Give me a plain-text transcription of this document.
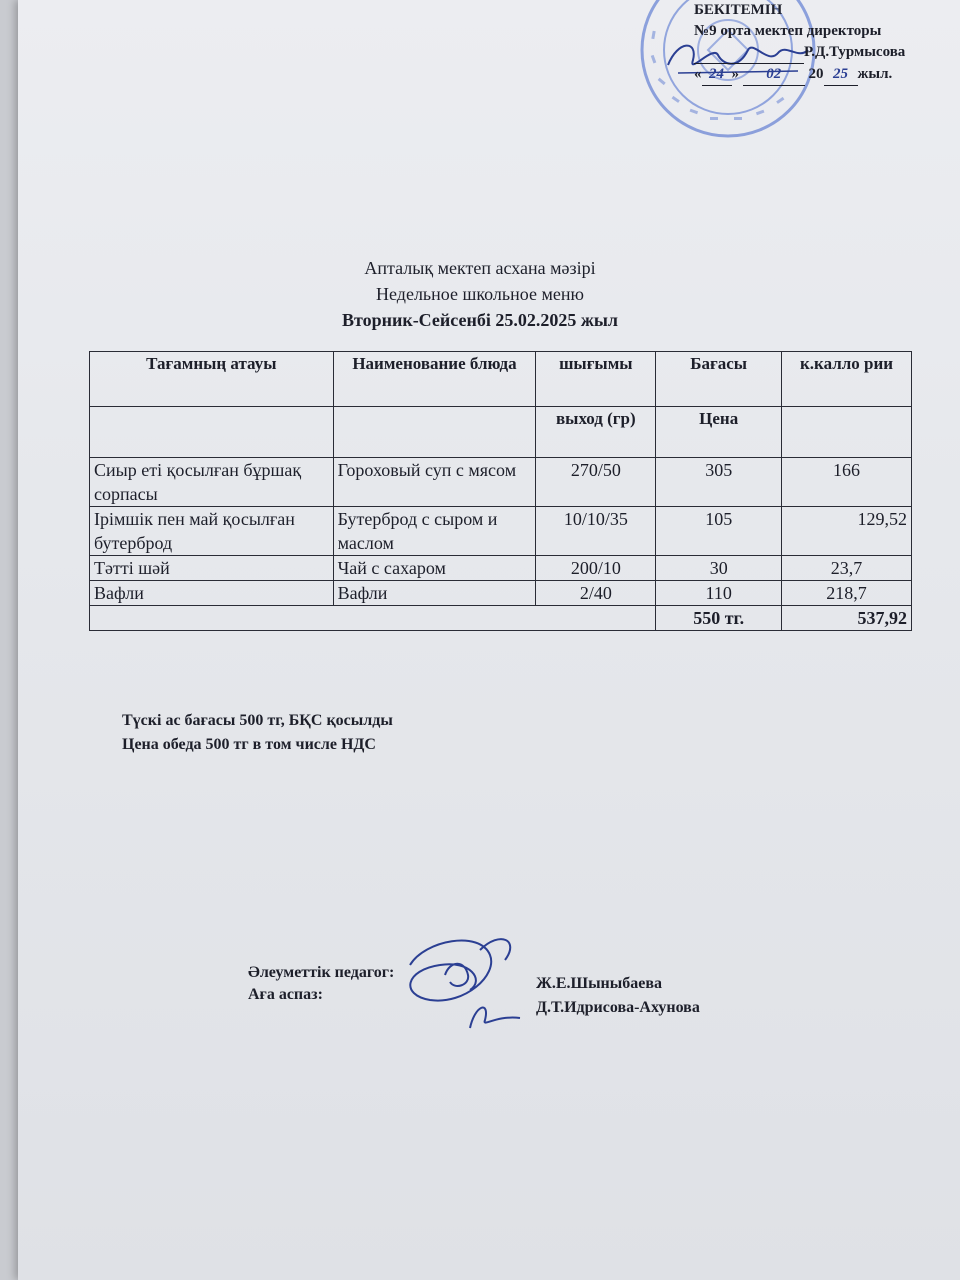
БЕКІТЕМІН
№9 орта мектеп директоры
Р.Д.Турмысова
« 24 » 02 20 25 жыл.
Апталық мектеп асхана мәзірі
Недельное школьное меню
Вторник-Сейсенбі 25.02.2025 жыл
Тағамның атауы	Наименование блюда	шығымы	Бағасы	к.калло рии
		выход (гр)	Цена	
Сиыр еті қосылған бұршақ сорпасы	Гороховый суп с мясом	270/50	305	166
Ірімшік пен май қосылған бутерброд	Бутерброд с сыром и маслом	10/10/35	105	129,52
Тәтті шәй	Чай с сахаром	200/10	30	23,7
Вафли	Вафли	2/40	110	218,7
			550 тг.	537,92
Түскі ас бағасы 500 тг, БҚС қосылды
Цена обеда 500 тг в том числе НДС
Әлеуметтік педагог:
Аға аспаз:
Ж.Е.Шыныбаева
Д.Т.Идрисова-Ахунова
